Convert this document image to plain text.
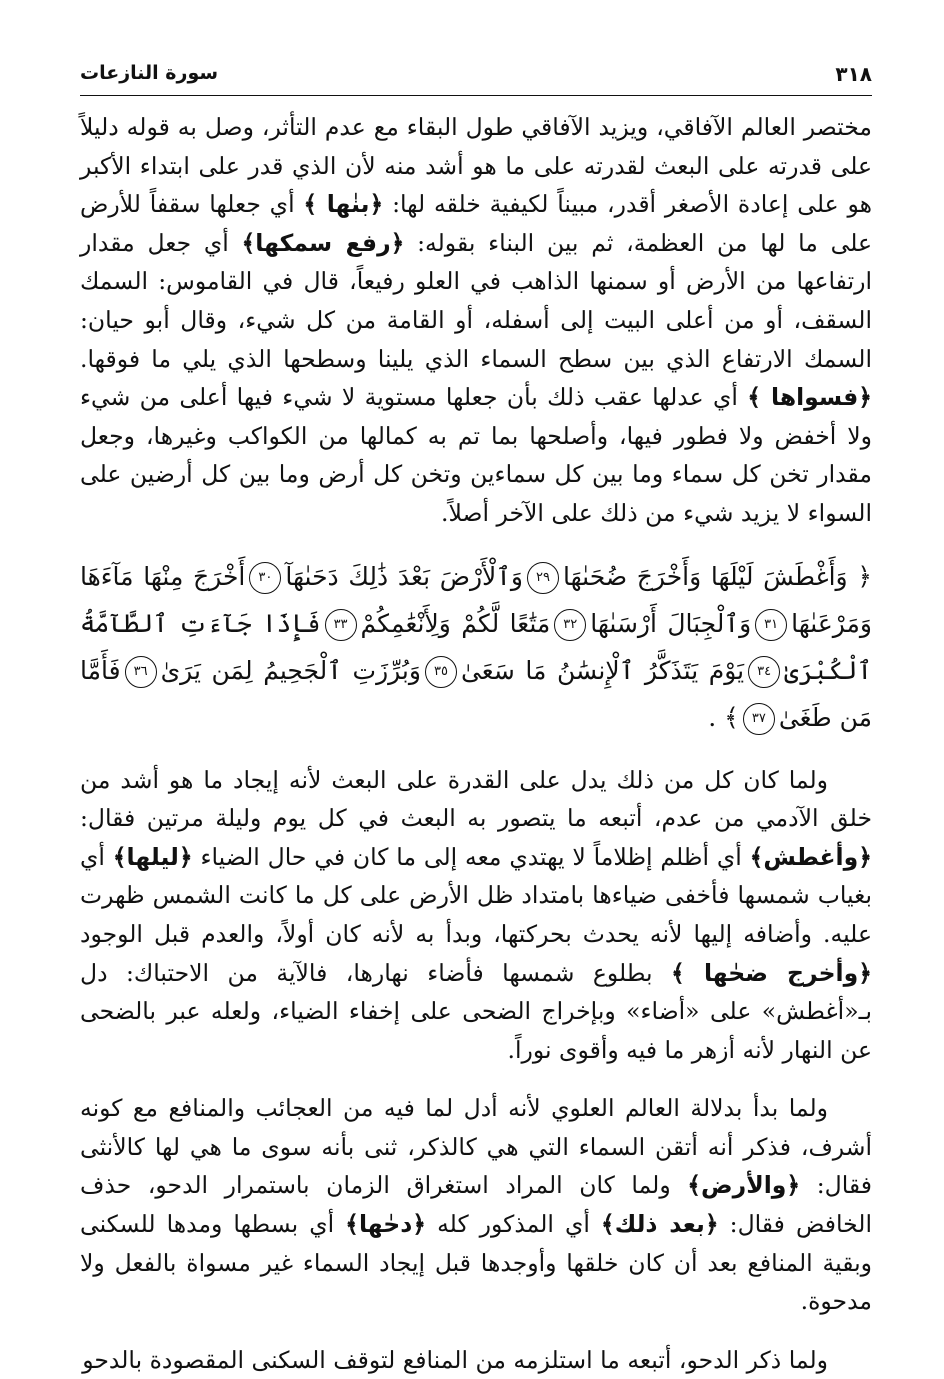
٣١٨
سورة النازعات

مختصر العالم الآفاقي، ويزيد الآفاقي طول البقاء مع عدم التأثر، وصل به قوله دليلاً على قدرته على البعث لقدرته على ما هو أشد منه لأن الذي قدر على ابتداء الأكبر هو على إعادة الأصغر أقدر، مبيناً لكيفية خلقه لها: ﴿بنٰها ﴾ أي جعلها سقفاً للأرض على ما لها من العظمة، ثم بين البناء بقوله: ﴿رفع سمكها﴾ أي جعل مقدار ارتفاعها من الأرض أو سمنها الذاهب في العلو رفيعاً، قال في القاموس: السمك السقف، أو من أعلى البيت إلى أسفله، أو القامة من كل شيء، وقال أبو حيان: السمك الارتفاع الذي بين سطح السماء الذي يلينا وسطحها الذي يلي ما فوقها. ﴿فسواها ﴾ أي عدلها عقب ذلك بأن جعلها مستوية لا شيء فيها أعلى من شيء ولا أخفض ولا فطور فيها، وأصلحها بما تم به كمالها من الكواكب وغيرها، وجعل مقدار تخن كل سماء وما بين كل سماءين وتخن كل أرض وما بين كل أرضين على السواء لا يزيد شيء من ذلك على الآخر أصلاً.

﴿ وَأَغْطَشَ لَيْلَهَا وَأَخْرَجَ ضُحَىٰهَا٢٩وَٱلْأَرْضَ بَعْدَ ذَٰلِكَ دَحَىٰهَآ٣٠أَخْرَجَ مِنْهَا مَآءَهَا وَمَرْعَىٰهَا٣١وَٱلْجِبَالَ أَرْسَىٰهَا٣٢مَتَٰعًا لَّكُمْ وَلِأَنْعَٰمِكُمْ٣٣فَإِذَا جَآءَتِ ٱلطَّآمَّةُ ٱلْكُبْرَىٰ٣٤يَوْمَ يَتَذَكَّرُ ٱلْإِنسَٰنُ مَا سَعَىٰ٣٥وَبُرِّزَتِ ٱلْجَحِيمُ لِمَن يَرَىٰ٣٦فَأَمَّا مَن طَغَىٰ٣٧﴾ .

ولما كان كل من ذلك يدل على القدرة على البعث لأنه إيجاد ما هو أشد من خلق الآدمي من عدم، أتبعه ما يتصور به البعث في كل يوم وليلة مرتين فقال: ﴿وأغطش﴾ أي أظلم إظلاماً لا يهتدي معه إلى ما كان في حال الضياء ﴿ليلها﴾ أي بغياب شمسها فأخفى ضياءها بامتداد ظل الأرض على كل ما كانت الشمس ظهرت عليه. وأضافه إليها لأنه يحدث بحركتها، وبدأ به لأنه كان أولاً، والعدم قبل الوجود ﴿وأخرج ضحٰها ﴾ بطلوع شمسها فأضاء نهارها، فالآية من الاحتباك: دل بـ«أغطش» على «أضاء» وبإخراج الضحى على إخفاء الضياء، ولعله عبر بالضحى عن النهار لأنه أزهر ما فيه وأقوى نوراً.

ولما بدأ بدلالة العالم العلوي لأنه أدل لما فيه من العجائب والمنافع مع كونه أشرف، فذكر أنه أتقن السماء التي هي كالذكر، ثنى بأنه سوى ما هي لها كالأنثى فقال: ﴿والأرض﴾ ولما كان المراد استغراق الزمان باستمرار الدحو، حذف الخافض فقال: ﴿بعد ذلك﴾ أي المذكور كله ﴿دحٰها﴾ أي بسطها ومدها للسكنى وبقية المنافع بعد أن كان خلقها وأوجدها قبل إيجاد السماء غير مسواة بالفعل ولا مدحوة.

ولما ذكر الدحو، أتبعه ما استلزمه من المنافع لتوقف السكنى المقصودة بالدحو
